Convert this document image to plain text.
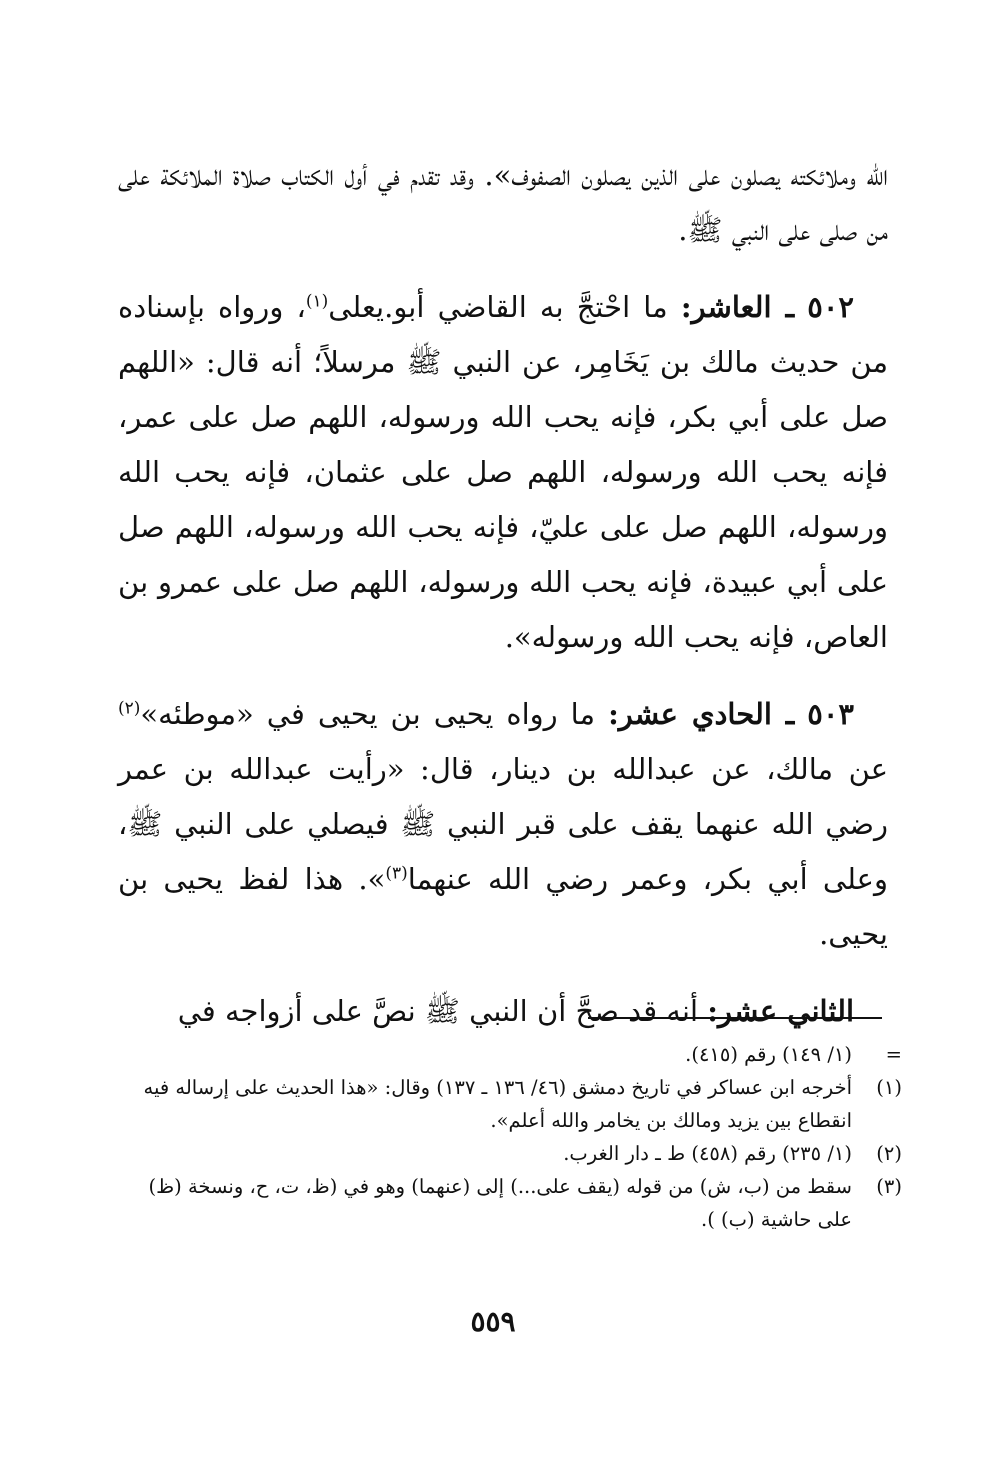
الله وملائكته يصلون على الذين يصلون الصفوف». وقد تقدم في أول الكتاب صلاة الملائكة على من صلى على النبي ﷺ.

٥٠٢ ـ العاشر: ما احْتجَّ به القاضي أبو.يعلى$^{(١)}$، ورواه بإسناده من حديث مالك بن يَخَامِر، عن النبي ﷺ مرسلاً؛ أنه قال: «اللهم صل على أبي بكر، فإنه يحب الله ورسوله، اللهم صل على عمر، فإنه يحب الله ورسوله، اللهم صل على عثمان، فإنه يحب الله ورسوله، اللهم صل على عليّ، فإنه يحب الله ورسوله، اللهم صل على أبي عبيدة، فإنه يحب الله ورسوله، اللهم صل على عمرو بن العاص، فإنه يحب الله ورسوله».

٥٠٣ ـ الحادي عشر: ما رواه يحيى بن يحيى في «موطئه»$^{(٢)}$ عن مالك، عن عبدالله بن دينار، قال: «رأيت عبدالله بن عمر رضي الله عنهما يقف على قبر النبي ﷺ فيصلي على النبي ﷺ، وعلى أبي بكر، وعمر رضي الله عنهما$^{(٣)}$». هذا لفظ يحيى بن يحيى.

الثاني عشر: أنه قد صحَّ أن النبي ﷺ نصَّ على أزواجه في

=
(١/ ١٤٩) رقم (٤١٥).
(١)
أخرجه ابن عساكر في تاريخ دمشق (٤٦/ ١٣٦ ـ ١٣٧) وقال: «هذا الحديث على إرساله فيه انقطاع بين يزيد ومالك بن يخامر والله أعلم».
(٢)
(١/ ٢٣٥) رقم (٤٥٨) ط ـ دار الغرب.
(٣)
سقط من (ب، ش) من قوله (يقف على...) إلى (عنهما) وهو في (ظ، ت، ح، ونسخة (ظ) على حاشية (ب) ).
٥٥٩
